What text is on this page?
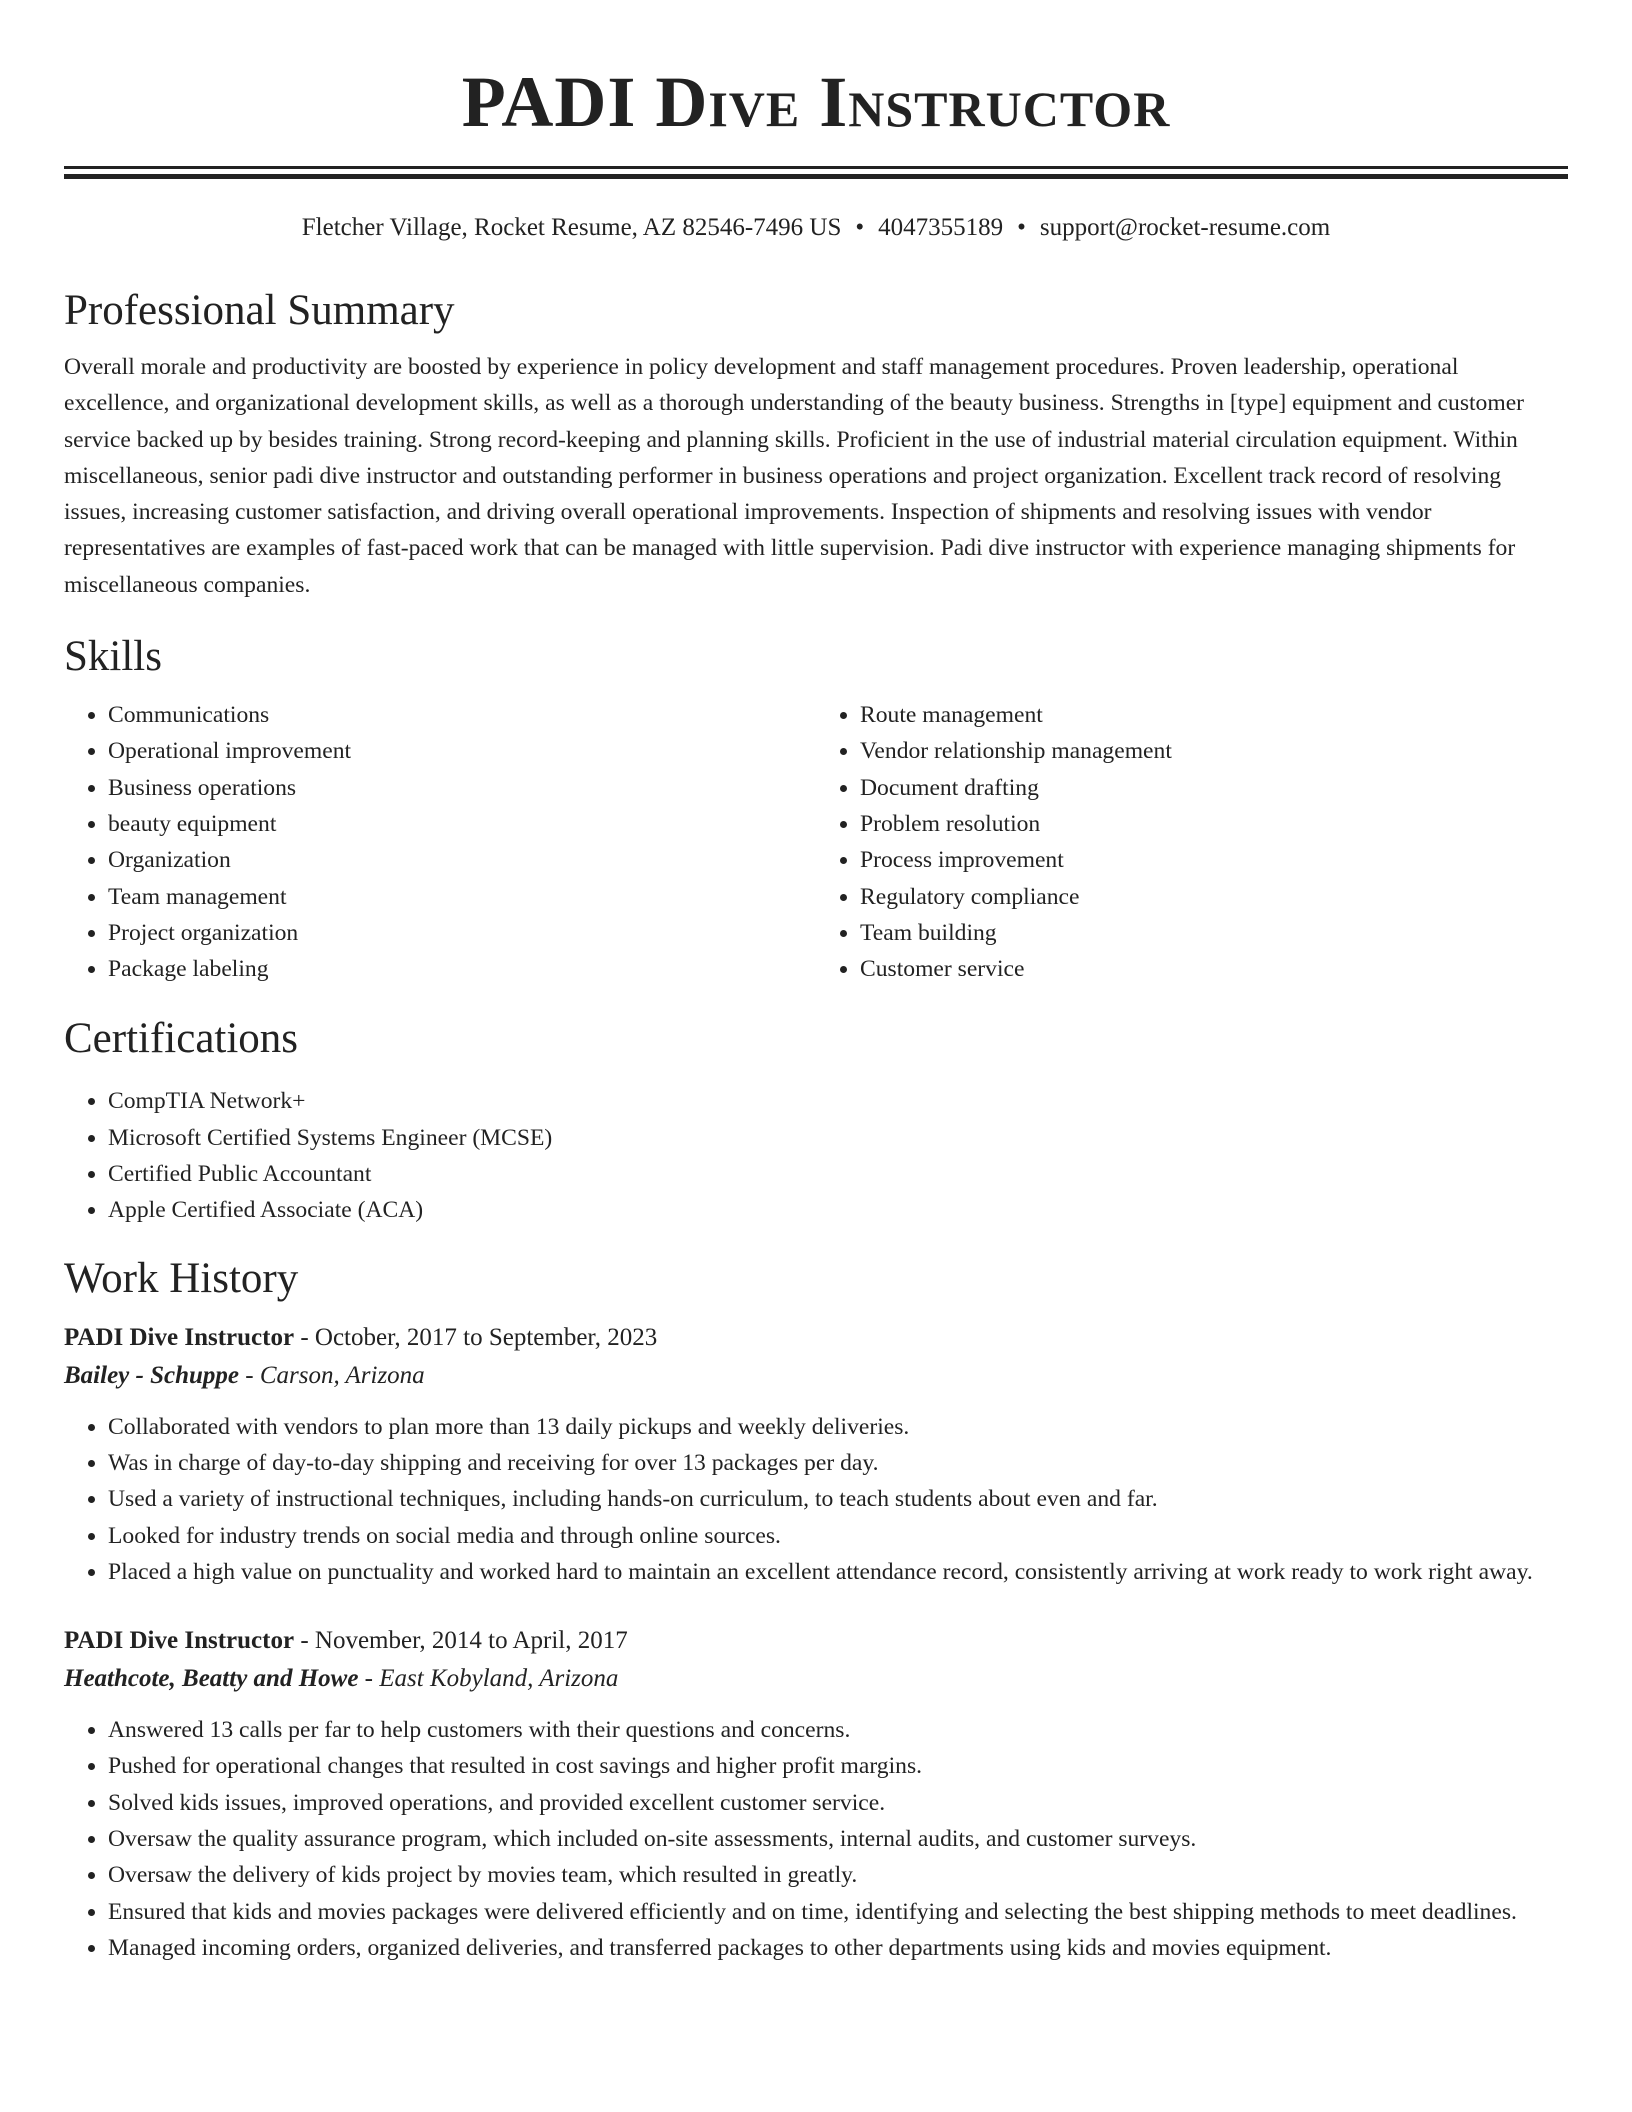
PADI Dive Instructor
Fletcher Village, Rocket Resume, AZ 82546-7496 US • 4047355189 • support@rocket-resume.com
Professional Summary

Overall morale and productivity are boosted by experience in policy development and staff management procedures. Proven leadership, operational excellence, and organizational development skills, as well as a thorough understanding of the beauty business. Strengths in [type] equipment and customer service backed up by besides training. Strong record-keeping and planning skills. Proficient in the use of industrial material circulation equipment. Within miscellaneous, senior padi dive instructor and outstanding performer in business operations and project organization. Excellent track record of resolving issues, increasing customer satisfaction, and driving overall operational improvements. Inspection of shipments and resolving issues with vendor representatives are examples of fast-paced work that can be managed with little supervision. Padi dive instructor with experience managing shipments for miscellaneous companies.

Skills
• Communications
• Operational improvement
• Business operations
• beauty equipment
• Organization
• Team management
• Project organization
• Package labeling
• Route management
• Vendor relationship management
• Document drafting
• Problem resolution
• Process improvement
• Regulatory compliance
• Team building
• Customer service
Certifications
• CompTIA Network+
• Microsoft Certified Systems Engineer (MCSE)
• Certified Public Accountant
• Apple Certified Associate (ACA)
Work History
PADI Dive Instructor - October, 2017 to September, 2023
Bailey - Schuppe - Carson, Arizona
• Collaborated with vendors to plan more than 13 daily pickups and weekly deliveries.
• Was in charge of day-to-day shipping and receiving for over 13 packages per day.
• Used a variety of instructional techniques, including hands-on curriculum, to teach students about even and far.
• Looked for industry trends on social media and through online sources.
• Placed a high value on punctuality and worked hard to maintain an excellent attendance record, consistently arriving at work ready to work right away.
PADI Dive Instructor - November, 2014 to April, 2017
Heathcote, Beatty and Howe - East Kobyland, Arizona
• Answered 13 calls per far to help customers with their questions and concerns.
• Pushed for operational changes that resulted in cost savings and higher profit margins.
• Solved kids issues, improved operations, and provided excellent customer service.
• Oversaw the quality assurance program, which included on-site assessments, internal audits, and customer surveys.
• Oversaw the delivery of kids project by movies team, which resulted in greatly.
• Ensured that kids and movies packages were delivered efficiently and on time, identifying and selecting the best shipping methods to meet deadlines.
• Managed incoming orders, organized deliveries, and transferred packages to other departments using kids and movies equipment.
